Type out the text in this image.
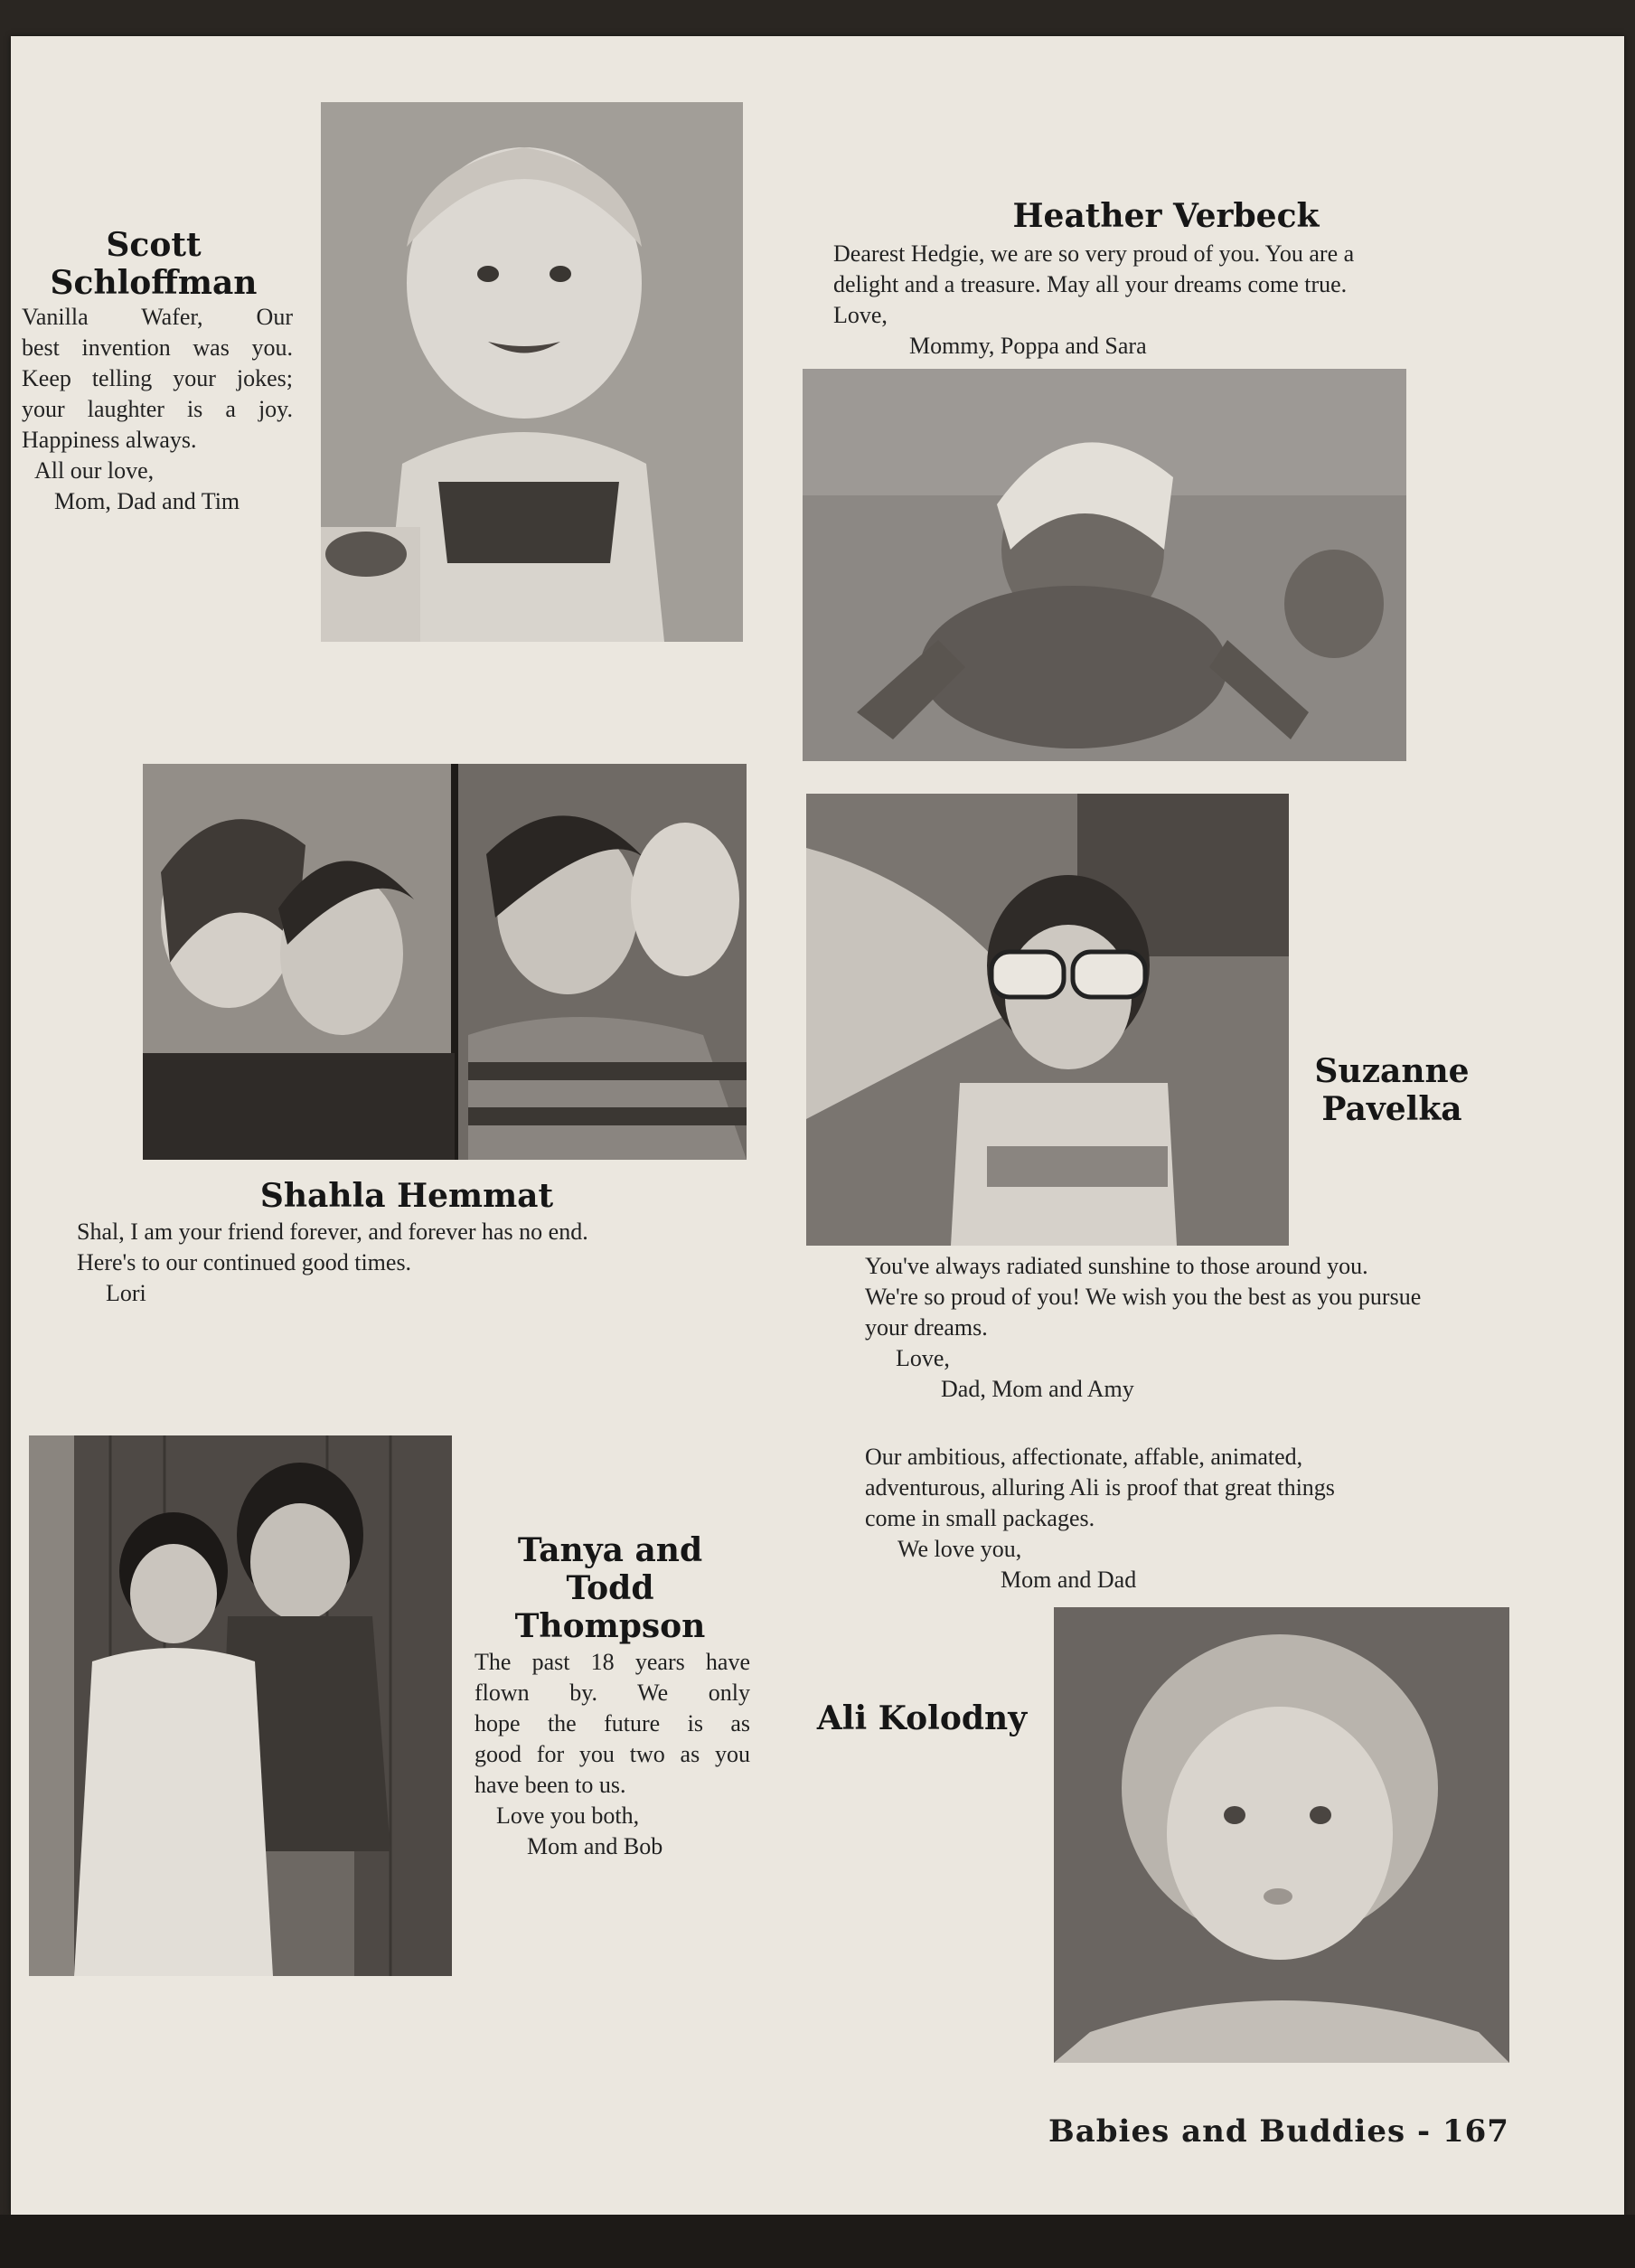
Scott
Schloffman
Vanilla Wafer, Our
best invention was you.
Keep telling your jokes;
your laughter is a joy.
Happiness always.
All our love,
Mom, Dad and Tim
Heather Verbeck
Dearest Hedgie, we are so very proud of you. You are a
delight and a treasure. May all your dreams come true.
Love,
Mommy, Poppa and Sara
Shahla Hemmat
Shal, I am your friend forever, and forever has no end.
Here's to our continued good times.
Lori
Suzanne
Pavelka
You've always radiated sunshine to those around you.
We're so proud of you! We wish you the best as you pursue
your dreams.
Love,
Dad, Mom and Amy
Our ambitious, affectionate, affable, animated,
adventurous, alluring Ali is proof that great things
come in small packages.
We love you,
Mom and Dad
Ali Kolodny
Tanya and
Todd
Thompson
The past 18 years have
flown by. We only
hope the future is as
good for you two as you
have been to us.
Love you both,
Mom and Bob
Babies and Buddies - 167
